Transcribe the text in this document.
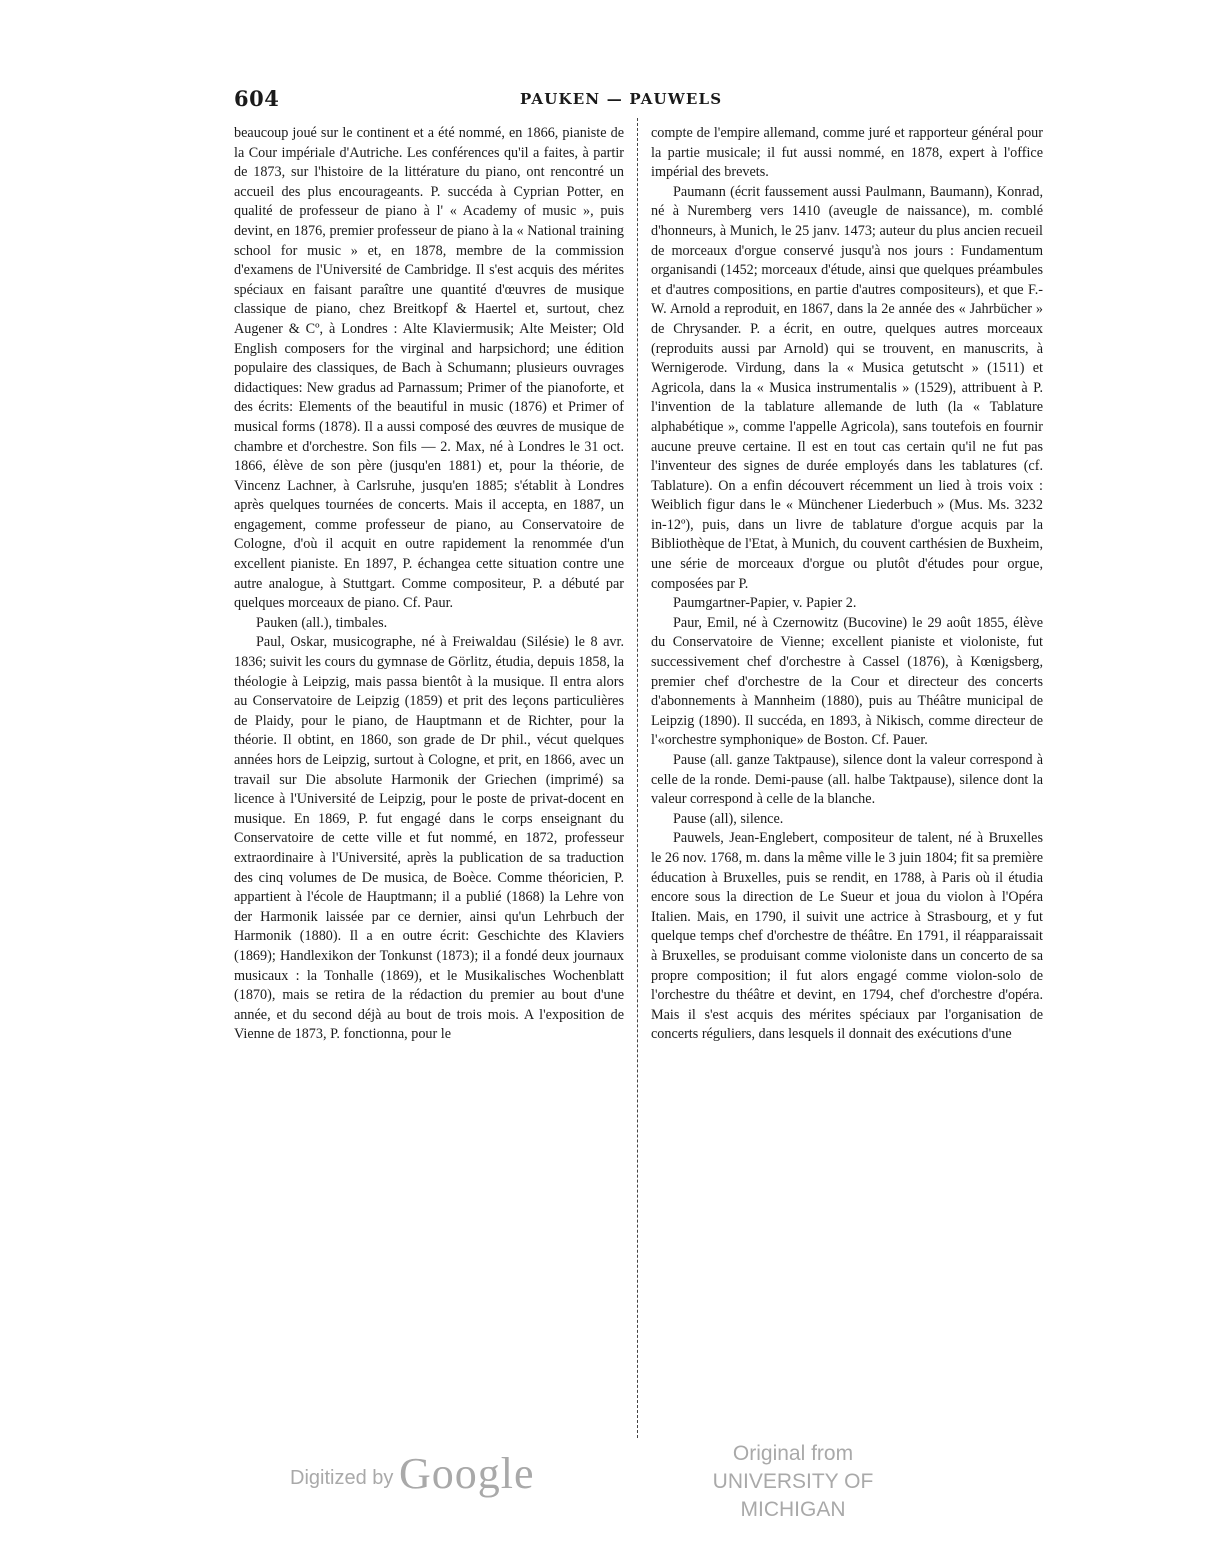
604	PAUKEN — PAUWELS

beaucoup joué sur le continent et a été nommé, en 1866, pianiste de la Cour impériale d'Autriche. Les conférences qu'il a faites, à partir de 1873, sur l'histoire de la littérature du piano, ont rencontré un accueil des plus encourageants. P. succéda à Cyprian Potter, en qualité de professeur de piano à l' « Academy of music », puis devint, en 1876, premier professeur de piano à la « National training school for music » et, en 1878, membre de la commission d'examens de l'Université de Cambridge. Il s'est acquis des mérites spéciaux en faisant paraître une quantité d'œuvres de musique classique de piano, chez Breitkopf & Haertel et, surtout, chez Augener & Cº, à Londres : Alte Klaviermusik; Alte Meister; Old English composers for the virginal and harpsichord; une édition populaire des classiques, de Bach à Schumann; plusieurs ouvrages didactiques: New gradus ad Parnassum; Primer of the pianoforte, et des écrits: Elements of the beautiful in music (1876) et Primer of musical forms (1878). Il a aussi composé des œuvres de musique de chambre et d'orchestre. Son fils — 2. Max, né à Londres le 31 oct. 1866, élève de son père (jusqu'en 1881) et, pour la théorie, de Vincenz Lachner, à Carlsruhe, jusqu'en 1885; s'établit à Londres après quelques tournées de concerts. Mais il accepta, en 1887, un engagement, comme professeur de piano, au Conservatoire de Cologne, d'où il acquit en outre rapidement la renommée d'un excellent pianiste. En 1897, P. échangea cette situation contre une autre analogue, à Stuttgart. Comme compositeur, P. a débuté par quelques morceaux de piano. Cf. Paur.

Pauken (all.), timbales.

Paul, Oskar, musicographe, né à Freiwaldau (Silésie) le 8 avr. 1836; suivit les cours du gymnase de Görlitz, étudia, depuis 1858, la théologie à Leipzig, mais passa bientôt à la musique. Il entra alors au Conservatoire de Leipzig (1859) et prit des leçons particulières de Plaidy, pour le piano, de Hauptmann et de Richter, pour la théorie. Il obtint, en 1860, son grade de Dr phil., vécut quelques années hors de Leipzig, surtout à Cologne, et prit, en 1866, avec un travail sur Die absolute Harmonik der Griechen (imprimé) sa licence à l'Université de Leipzig, pour le poste de privat-docent en musique. En 1869, P. fut engagé dans le corps enseignant du Conservatoire de cette ville et fut nommé, en 1872, professeur extraordinaire à l'Université, après la publication de sa traduction des cinq volumes de De musica, de Boèce. Comme théoricien, P. appartient à l'école de Hauptmann; il a publié (1868) la Lehre von der Harmonik laissée par ce dernier, ainsi qu'un Lehrbuch der Harmonik (1880). Il a en outre écrit: Geschichte des Klaviers (1869); Handlexikon der Tonkunst (1873); il a fondé deux journaux musicaux : la Tonhalle (1869), et le Musikalisches Wochenblatt (1870), mais se retira de la rédaction du premier au bout d'une année, et du second déjà au bout de trois mois. A l'exposition de Vienne de 1873, P. fonctionna, pour le

compte de l'empire allemand, comme juré et rapporteur général pour la partie musicale; il fut aussi nommé, en 1878, expert à l'office impérial des brevets.

Paumann (écrit faussement aussi Paulmann, Baumann), Konrad, né à Nuremberg vers 1410 (aveugle de naissance), m. comblé d'honneurs, à Munich, le 25 janv. 1473; auteur du plus ancien recueil de morceaux d'orgue conservé jusqu'à nos jours : Fundamentum organisandi (1452; morceaux d'étude, ainsi que quelques préambules et d'autres compositions, en partie d'autres compositeurs), et que F.-W. Arnold a reproduit, en 1867, dans la 2e année des « Jahrbücher » de Chrysander. P. a écrit, en outre, quelques autres morceaux (reproduits aussi par Arnold) qui se trouvent, en manuscrits, à Wernigerode. Virdung, dans la « Musica getutscht » (1511) et Agricola, dans la « Musica instrumentalis » (1529), attribuent à P. l'invention de la tablature allemande de luth (la « Tablature alphabétique », comme l'appelle Agricola), sans toutefois en fournir aucune preuve certaine. Il est en tout cas certain qu'il ne fut pas l'inventeur des signes de durée employés dans les tablatures (cf. Tablature). On a enfin découvert récemment un lied à trois voix : Weiblich figur dans le « Münchener Liederbuch » (Mus. Ms. 3232 in-12º), puis, dans un livre de tablature d'orgue acquis par la Bibliothèque de l'Etat, à Munich, du couvent carthésien de Buxheim, une série de morceaux d'orgue ou plutôt d'études pour orgue, composées par P.

Paumgartner-Papier, v. Papier 2.

Paur, Emil, né à Czernowitz (Bucovine) le 29 août 1855, élève du Conservatoire de Vienne; excellent pianiste et violoniste, fut successivement chef d'orchestre à Cassel (1876), à Kœnigsberg, premier chef d'orchestre de la Cour et directeur des concerts d'abonnements à Mannheim (1880), puis au Théâtre municipal de Leipzig (1890). Il succéda, en 1893, à Nikisch, comme directeur de l'«orchestre symphonique» de Boston. Cf. Pauer.

Pause (all. ganze Taktpause), silence dont la valeur correspond à celle de la ronde. Demi-pause (all. halbe Taktpause), silence dont la valeur correspond à celle de la blanche.

Pause (all), silence.

Pauwels, Jean-Englebert, compositeur de talent, né à Bruxelles le 26 nov. 1768, m. dans la même ville le 3 juin 1804; fit sa première éducation à Bruxelles, puis se rendit, en 1788, à Paris où il étudia encore sous la direction de Le Sueur et joua du violon à l'Opéra Italien. Mais, en 1790, il suivit une actrice à Strasbourg, et y fut quelque temps chef d'orchestre de théâtre. En 1791, il réapparaissait à Bruxelles, se produisant comme violoniste dans un concerto de sa propre composition; il fut alors engagé comme violon-solo de l'orchestre du théâtre et devint, en 1794, chef d'orchestre d'opéra. Mais il s'est acquis des mérites spéciaux par l'organisation de concerts réguliers, dans lesquels il donnait des exécutions d'une

Digitized by Google	Original from
UNIVERSITY OF MICHIGAN
